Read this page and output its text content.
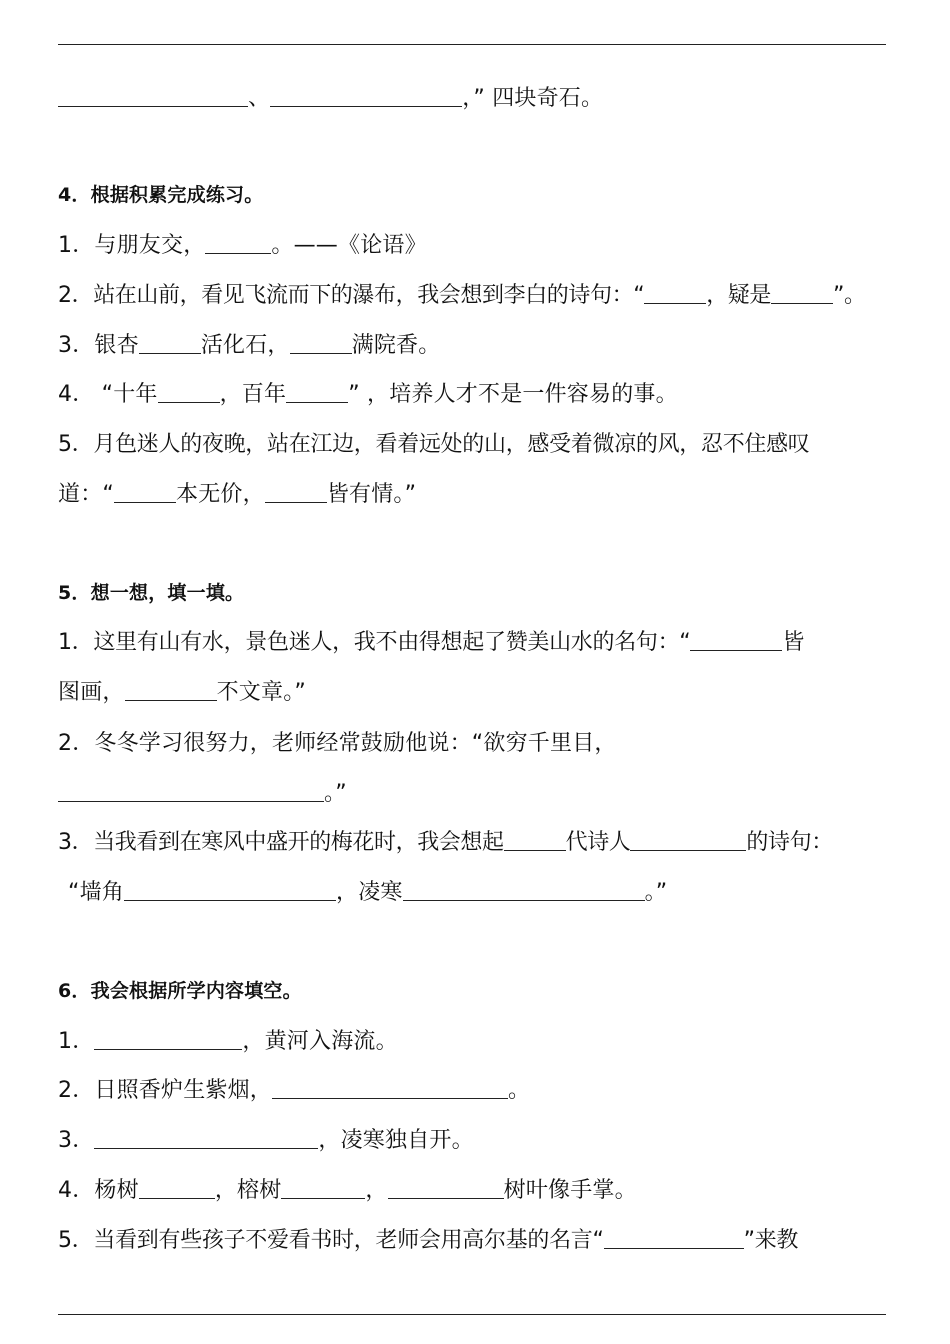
、	，” 四块奇石。
4．根据积累完成练习。
1．与朋友交，	。——《论语》
2．站在山前，看见飞流而下的瀑布，我会想到李白的诗句：“	，疑是	”。
3．银杏	活化石，	满院香。
4． “十年	，百年	” ，培养人才不是一件容易的事。
5．月色迷人的夜晚，站在江边，看着远处的山，感受着微凉的风，忍不住感叹
道：“	本无价，	皆有情。”
5．想一想，填一填。
1．这里有山有水，景色迷人，我不由得想起了赞美山水的名句：“	皆
图画，	不文章。”
2．冬冬学习很努力，老师经常鼓励他说：“欲穷千里目，
。”
3．当我看到在寒风中盛开的梅花时，我会想起	代诗人	的诗句：
“墙角	，凌寒	。”
6．我会根据所学内容填空。
1．	，黄河入海流。
2．日照香炉生紫烟，	。
3．	，凌寒独自开。
4．杨树	，榕树	，	树叶像手掌。
5．当看到有些孩子不爱看书时，老师会用高尔基的名言“	”来教
